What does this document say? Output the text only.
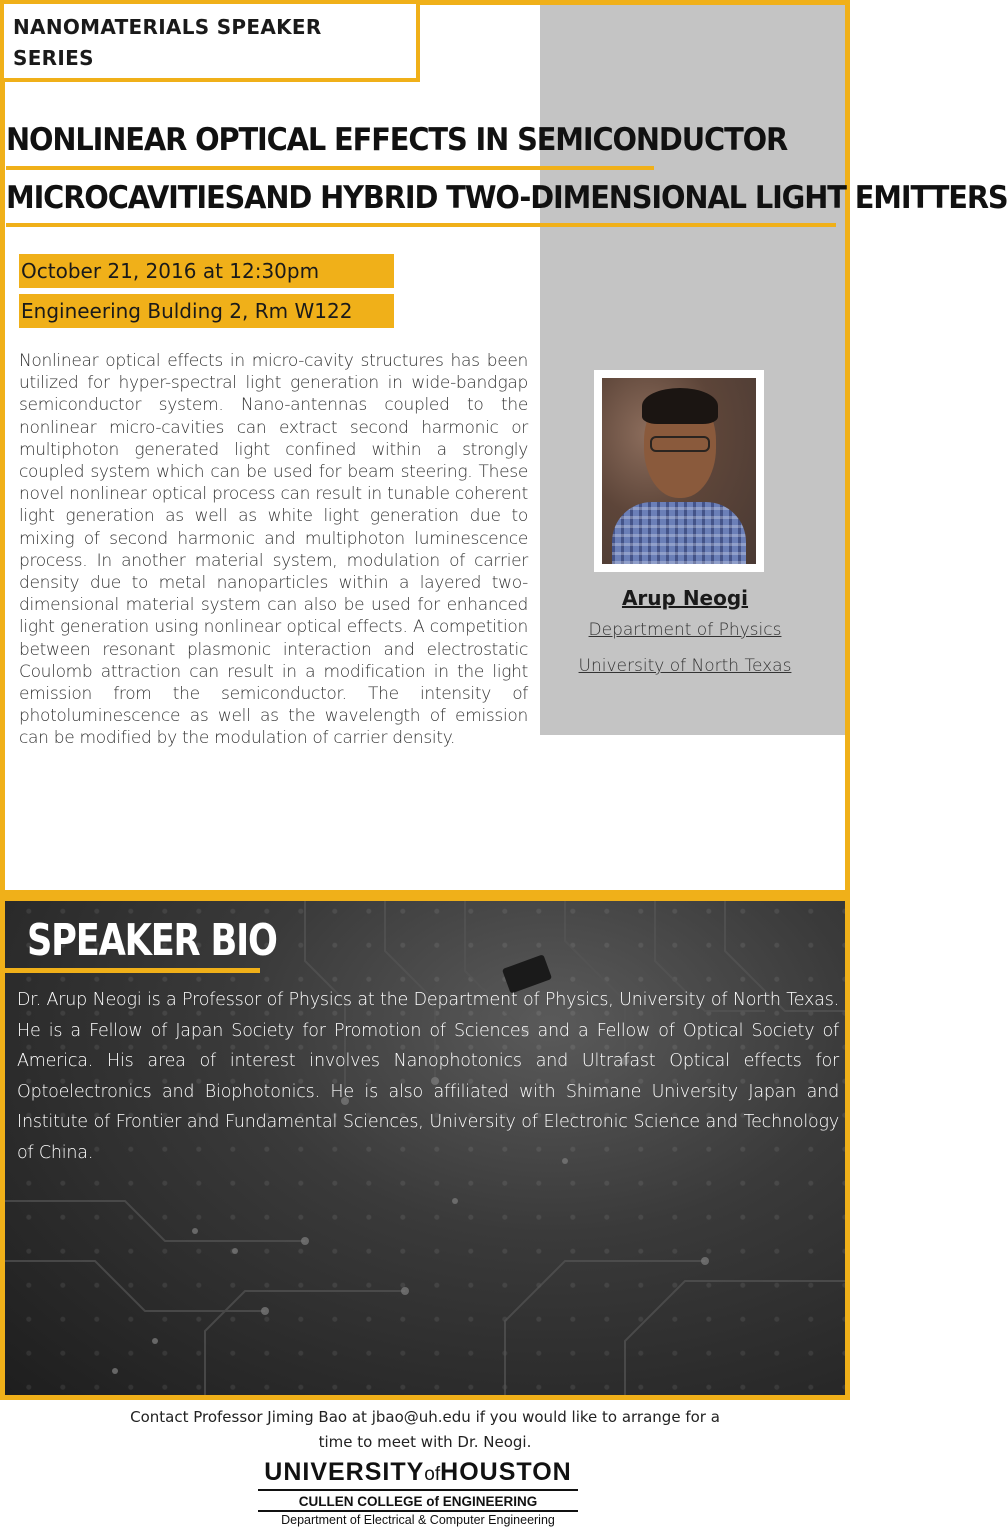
NANOMATERIALS SPEAKER
SERIES
NONLINEAR OPTICAL EFFECTS IN SEMICONDUCTOR
MICROCAVITIESAND HYBRID TWO-DIMENSIONAL LIGHT EMITTERS
October 21, 2016 at 12:30pm
Engineering Bulding 2, Rm W122
Nonlinear optical effects in micro-cavity structures has been utilized for hyper-spectral light generation in wide-bandgap semiconductor system. Nano-antennas coupled to the nonlinear micro-cavities can extract second harmonic or multiphoton generated light confined within a strongly coupled system which can be used for beam steering. These novel nonlinear optical process can result in tunable coherent light generation as well as white light generation due to mixing of second harmonic and multiphoton luminescence process. In another material system, modulation of carrier density due to metal nanoparticles within a layered two-dimensional material system can also be used for enhanced light generation using nonlinear optical effects. A competition between resonant plasmonic interaction and electrostatic Coulomb attraction can result in a modification in the light emission from the semiconductor. The intensity of photoluminescence as well as the wavelength of emission can be modified by the modulation of carrier density.
Arup Neogi
Department of Physics
University of North Texas
SPEAKER BIO
Dr. Arup Neogi is a Professor of Physics at the Department of Physics, University of North Texas. He is a Fellow of Japan Society for Promotion of Sciences and a Fellow of Optical Society of America. His area of interest involves Nanophotonics and Ultrafast Optical effects for Optoelectronics and Biophotonics. He is also affiliated with Shimane University Japan and Institute of Frontier and Fundamental Sciences, University of Electronic Science and Technology of China.
Contact Professor Jiming Bao at jbao@uh.edu if you would like to arrange for a
time to meet with Dr. Neogi.
UNIVERSITYofHOUSTON
CULLEN COLLEGE of ENGINEERING
Department of Electrical & Computer Engineering
